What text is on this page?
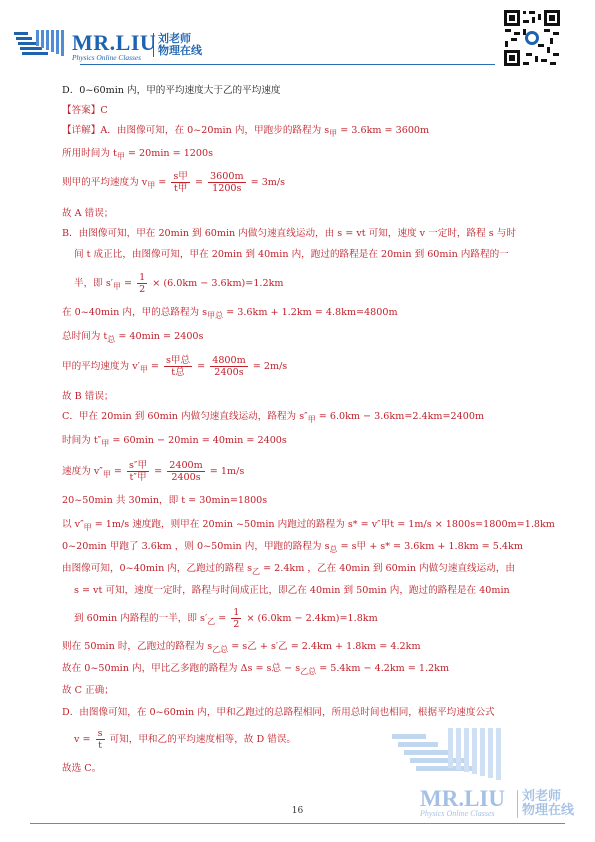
MR.LIU
Physics Online Classes
刘老师
物理在线
D．0~60min 内，甲的平均速度大于乙的平均速度
【答案】C
【详解】A．由图像可知，在 0~20min 内，甲跑步的路程为 $s_甲 = 3.6km = 3600m$
所用时间为 $t_甲 = 20\min = 1200s$
则甲的平均速度为 $v_甲 = \frac{\text{s甲}}{\text{t甲}} = \frac{3600m}{1200s} = 3m/s$
故 A 错误；
B．由图像可知，甲在 20min 到 60min 内做匀速直线运动，由 s = vt 可知，速度 v 一定时，路程 s 与时
间 t 成正比，由图像可知，甲在 20min 到 40min 内，跑过的路程是在 20min 到 60min 内路程的一
半，即 $s'_甲 = \frac{1}{2} \times (6.0km - 3.6km)=1.2km$
在 0~40min 内，甲的总路程为 $s_{甲总} = 3.6km + 1.2km = 4.8km=4800m$
总时间为 $t_总 = 40\min = 2400s$
甲的平均速度为 $v'_甲 = \frac{\text{s甲总}}{\text{t总}} = \frac{4800m}{2400s} = 2m/s$
故 B 错误；
C．甲在 20min 到 60min 内做匀速直线运动，路程为 $s''_甲 = 6.0km - 3.6km=2.4km=2400m$
时间为 $t''_甲 = 60\min - 20\min = 40\min = 2400s$
速度为 $v''_甲 = \frac{\text{s″甲}}{\text{t″甲}} = \frac{2400m}{2400s} = 1m/s$
20~50min 共 30min，即 t = 30min=1800s
以 $v''_甲 = 1m/s$ 速度跑，则甲在 20min ~50min 内跑过的路程为 s* = v″甲t = 1m/s × 1800s=1800m=1.8km
0~20min 甲跑了 3.6km ，则 0~50min 内，甲跑的路程为 $s_总 = s$甲 + s* = 3.6km + 1.8km = 5.4km
由图像可知，0~40min 内，乙跑过的路程 $s_乙 = 2.4km$ ，乙在 40min 到 60min 内做匀速直线运动，由
s = vt 可知，速度一定时，路程与时间成正比，即乙在 40min 到 50min 内，跑过的路程是在 40min
到 60min 内路程的一半，即 $s'_乙 = \frac{1}{2} \times (6.0km - 2.4km)=1.8km$
则在 50min 时，乙跑过的路程为 $s_{乙总} = s$乙 + s′乙 = 2.4km + 1.8km = 4.2km
故在 0~50min 内，甲比乙多跑的路程为 Δs = s总 − $s_{乙总} = 5.4km - 4.2km = 1.2km$
故 C 正确；
D．由图像可知，在 0~60min 内，甲和乙跑过的总路程相同，所用总时间也相同，根据平均速度公式
$v = \frac{s}{t}$ 可知，甲和乙的平均速度相等，故 D 错误。
故选 C。
MR.LIU
Physics Online Classes
刘老师
物理在线
16
